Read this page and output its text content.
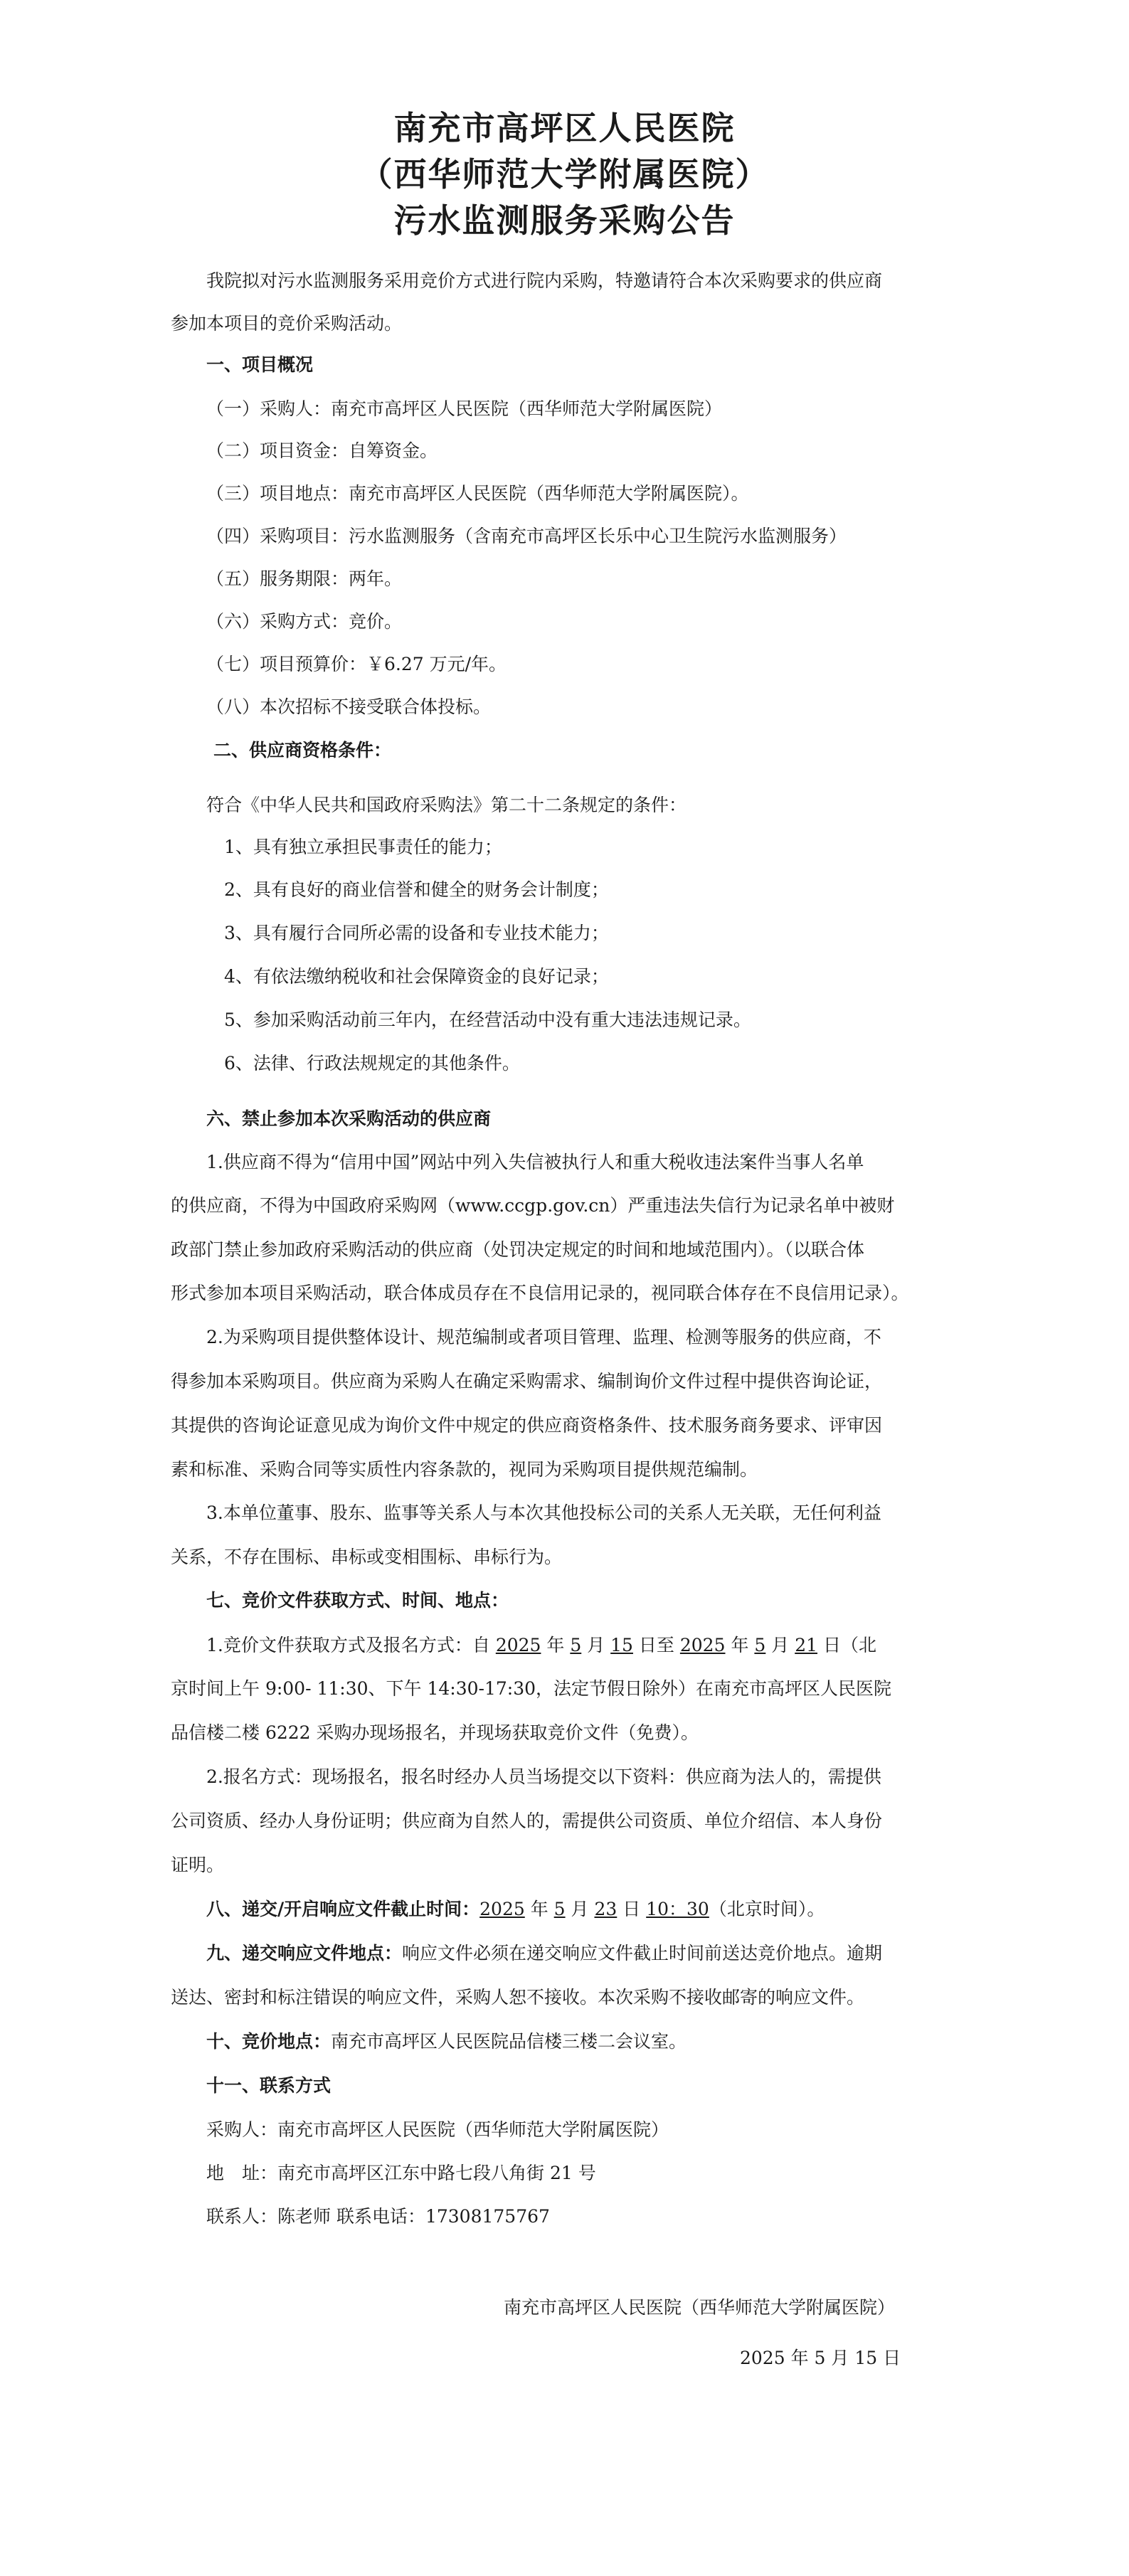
南充市高坪区人民医院
（西华师范大学附属医院）
污水监测服务采购公告
我院拟对污水监测服务采用竞价方式进行院内采购，特邀请符合本次采购要求的供应商
参加本项目的竞价采购活动。
一、项目概况
（一）采购人：南充市高坪区人民医院（西华师范大学附属医院）
（二）项目资金：自筹资金。
（三）项目地点：南充市高坪区人民医院（西华师范大学附属医院）。
（四）采购项目：污水监测服务（含南充市高坪区长乐中心卫生院污水监测服务）
（五）服务期限：两年。
（六）采购方式：竞价。
（七）项目预算价：￥6.27 万元/年。
（八）本次招标不接受联合体投标。
二、供应商资格条件：
符合《中华人民共和国政府采购法》第二十二条规定的条件：
1、具有独立承担民事责任的能力；
2、具有良好的商业信誉和健全的财务会计制度；
3、具有履行合同所必需的设备和专业技术能力；
4、有依法缴纳税收和社会保障资金的良好记录；
5、参加采购活动前三年内，在经营活动中没有重大违法违规记录。
6、法律、行政法规规定的其他条件。
六、禁止参加本次采购活动的供应商
1.供应商不得为“信用中国”网站中列入失信被执行人和重大税收违法案件当事人名单
的供应商，不得为中国政府采购网（www.ccgp.gov.cn）严重违法失信行为记录名单中被财
政部门禁止参加政府采购活动的供应商（处罚决定规定的时间和地域范围内）。（以联合体
形式参加本项目采购活动，联合体成员存在不良信用记录的，视同联合体存在不良信用记录）。
2.为采购项目提供整体设计、规范编制或者项目管理、监理、检测等服务的供应商，不
得参加本采购项目。供应商为采购人在确定采购需求、编制询价文件过程中提供咨询论证，
其提供的咨询论证意见成为询价文件中规定的供应商资格条件、技术服务商务要求、评审因
素和标准、采购合同等实质性内容条款的，视同为采购项目提供规范编制。
3.本单位董事、股东、监事等关系人与本次其他投标公司的关系人无关联，无任何利益
关系，不存在围标、串标或变相围标、串标行为。
七、竞价文件获取方式、时间、地点：
1.竞价文件获取方式及报名方式：自 2025 年 5 月 15 日至 2025 年 5 月 21 日（北
京时间上午 9:00- 11:30、下午 14:30-17:30，法定节假日除外）在南充市高坪区人民医院
品信楼二楼 6222 采购办现场报名，并现场获取竞价文件（免费）。
2.报名方式：现场报名，报名时经办人员当场提交以下资料：供应商为法人的，需提供
公司资质、经办人身份证明；供应商为自然人的，需提供公司资质、单位介绍信、本人身份
证明。
八、递交/开启响应文件截止时间：2025 年 5 月 23 日 10：30（北京时间）。
九、递交响应文件地点：响应文件必须在递交响应文件截止时间前送达竞价地点。逾期
送达、密封和标注错误的响应文件，采购人恕不接收。本次采购不接收邮寄的响应文件。
十、竞价地点：南充市高坪区人民医院品信楼三楼二会议室。
十一、联系方式
采购人：南充市高坪区人民医院（西华师范大学附属医院）
地　址：南充市高坪区江东中路七段八角街 21 号
联系人：陈老师 联系电话：17308175767
南充市高坪区人民医院（西华师范大学附属医院）
2025 年 5 月 15 日
